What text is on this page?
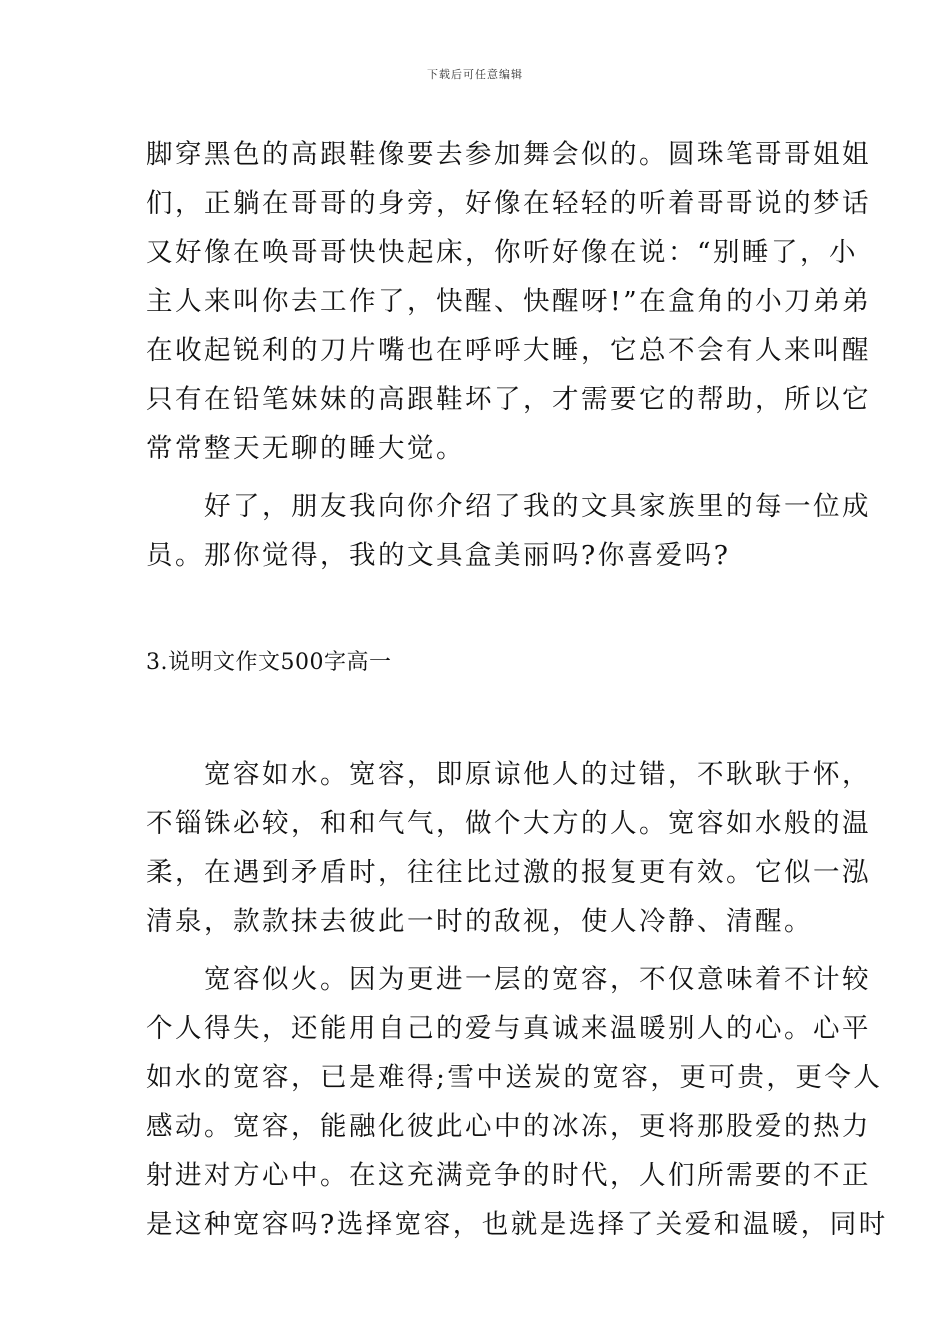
下载后可任意编辑
脚穿黑色的高跟鞋像要去参加舞会似的。圆珠笔哥哥姐姐
们，正躺在哥哥的身旁，好像在轻轻的听着哥哥说的梦话
又好像在唤哥哥快快起床，你听好像在说：“别睡了，小
主人来叫你去工作了，快醒、快醒呀!”在盒角的小刀弟弟
在收起锐利的刀片嘴也在呼呼大睡，它总不会有人来叫醒
只有在铅笔妹妹的高跟鞋坏了，才需要它的帮助，所以它
常常整天无聊的睡大觉。
好了，朋友我向你介绍了我的文具家族里的每一位成
员。那你觉得，我的文具盒美丽吗?你喜爱吗?
3.说明文作文500字高一
宽容如水。宽容，即原谅他人的过错，不耿耿于怀，
不锱铢必较，和和气气，做个大方的人。宽容如水般的温
柔，在遇到矛盾时，往往比过激的报复更有效。它似一泓
清泉，款款抹去彼此一时的敌视，使人冷静、清醒。
宽容似火。因为更进一层的宽容，不仅意味着不计较
个人得失，还能用自己的爱与真诚来温暖别人的心。心平
如水的宽容，已是难得;雪中送炭的宽容，更可贵，更令人
感动。宽容，能融化彼此心中的冰冻，更将那股爱的热力
射进对方心中。在这充满竞争的时代，人们所需要的不正
是这种宽容吗?选择宽容，也就是选择了关爱和温暖，同时
